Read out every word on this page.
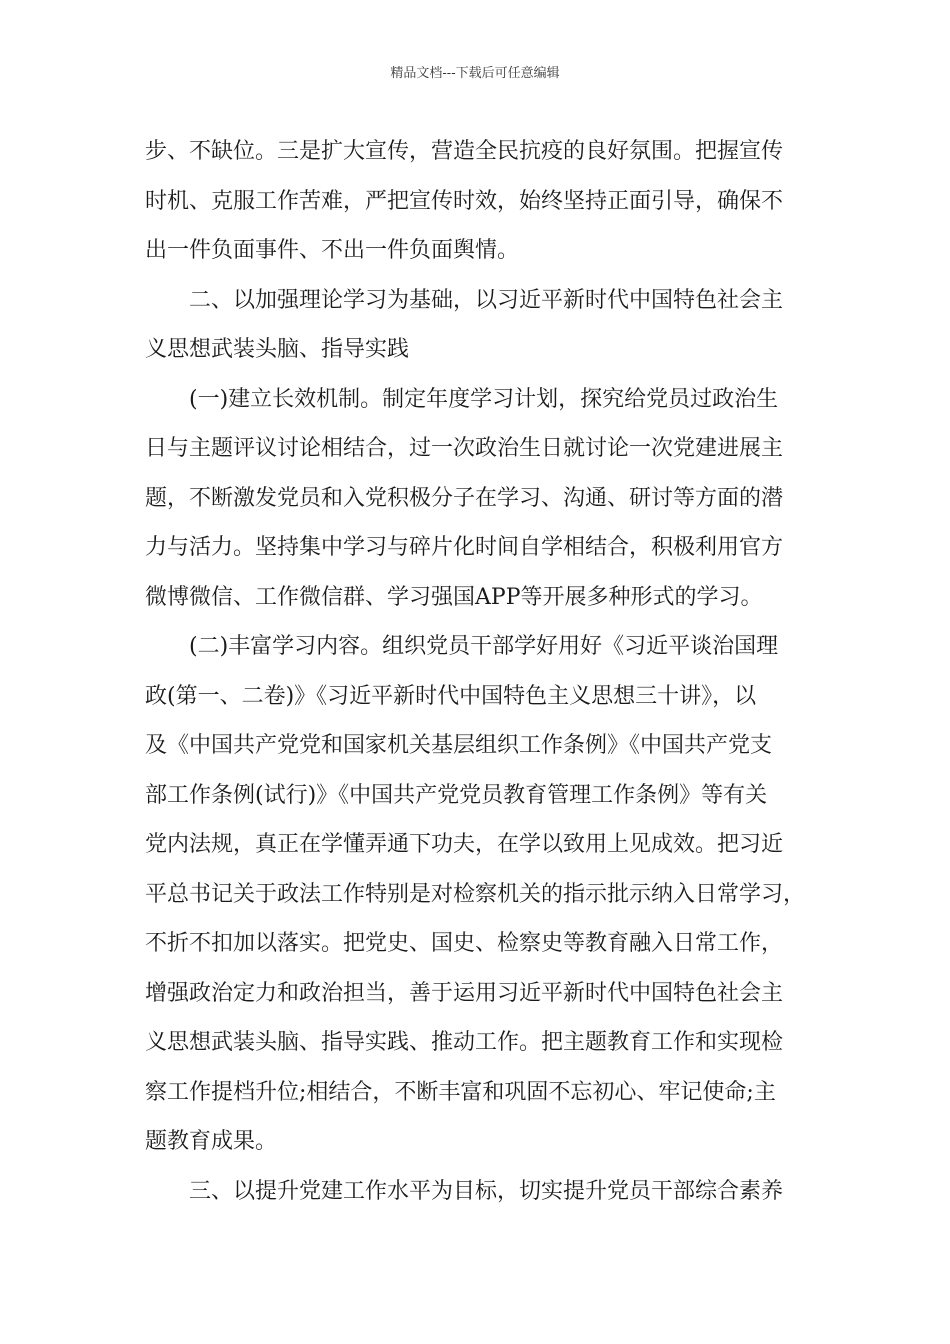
精品文档---下载后可任意编辑
步、不缺位。三是扩大宣传，营造全民抗疫的良好氛围。把握宣传
时机、克服工作苦难，严把宣传时效，始终坚持正面引导，确保不
出一件负面事件、不出一件负面舆情。
二、以加强理论学习为基础，以习近平新时代中国特色社会主
义思想武装头脑、指导实践
(一)建立长效机制。制定年度学习计划，探究给党员过政治生
日与主题评议讨论相结合，过一次政治生日就讨论一次党建进展主
题，不断激发党员和入党积极分子在学习、沟通、研讨等方面的潜
力与活力。坚持集中学习与碎片化时间自学相结合，积极利用官方
微博微信、工作微信群、学习强国APP等开展多种形式的学习。
(二)丰富学习内容。组织党员干部学好用好《习近平谈治国理
政(第一、二卷)》《习近平新时代中国特色主义思想三十讲》，以
及《中国共产党党和国家机关基层组织工作条例》《中国共产党支
部工作条例(试行)》《中国共产党党员教育管理工作条例》等有关
党内法规，真正在学懂弄通下功夫，在学以致用上见成效。把习近
平总书记关于政法工作特别是对检察机关的指示批示纳入日常学习，
不折不扣加以落实。把党史、国史、检察史等教育融入日常工作，
增强政治定力和政治担当，善于运用习近平新时代中国特色社会主
义思想武装头脑、指导实践、推动工作。把主题教育工作和实现检
察工作提档升位;相结合，不断丰富和巩固不忘初心、牢记使命;主
题教育成果。
三、以提升党建工作水平为目标，切实提升党员干部综合素养
